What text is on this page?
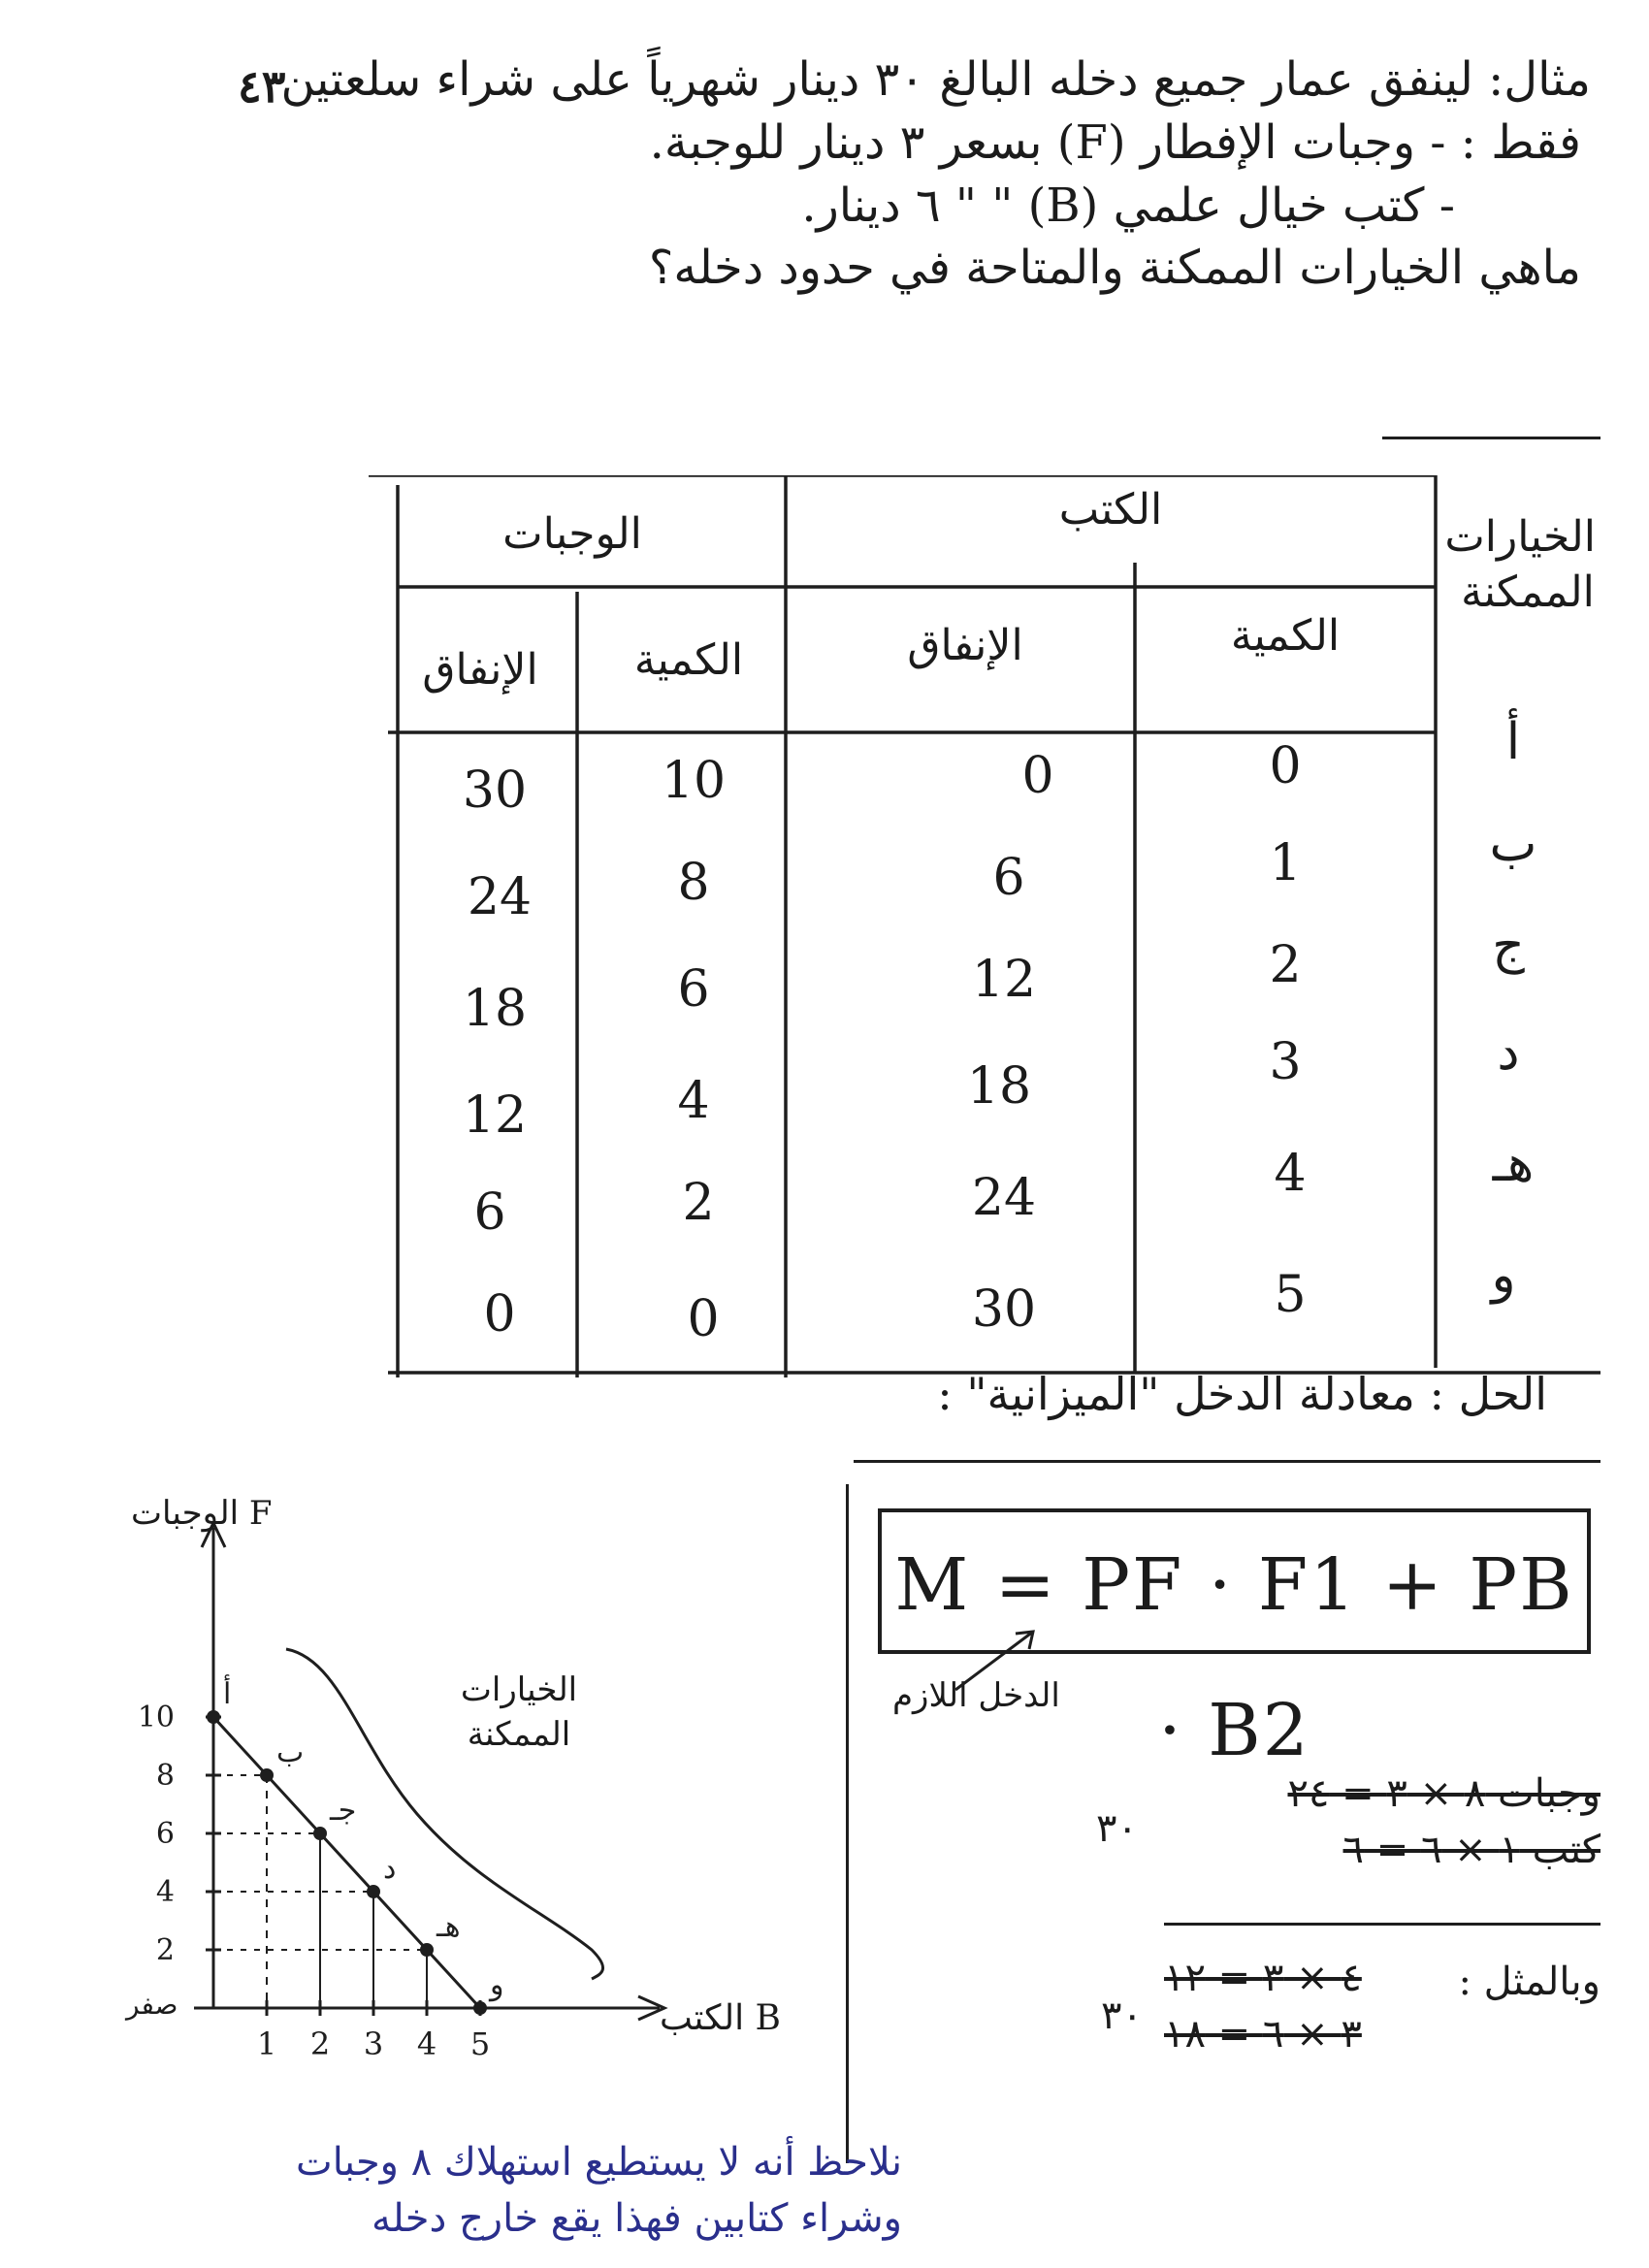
٤٣
مثال: لينفق عمار جميع دخله البالغ ٣٠ دينار شهرياً على شراء سلعتين
فقط : - وجبات الإفطار (F) بسعر ٣ دينار للوجبة.
- كتب خيال علمي (B) " " ٦ دينار.
ماهي الخيارات الممكنة والمتاحة في حدود دخله؟
الوجبات	الكتب
الخيارات الممكنة
الإنفاق الكمية	الإنفاق	الكمية
30	10	0	0	أ
24	8	6	1	ب
18	6	12	2	ج
12	4	18	3	د
6	2	24	4	هـ
0	0	30	5	و
الحل : معادلة الدخل "الميزانية" :
M = PF · F1 + PB · B2
الدخل اللازم
وجبات ٨ × ٣ = ٢٤
كتب ١ × ٦ = ٦
٣٠
وبالمثل :
٤ × ٣ = ١٢
٣ × ٦ = ١٨
٣٠
أ
ب
جـ
د
هـ
و
10
8
6
4
2
1 2 3 4 5
F الوجبات
B الكتب
الخيارات الممكنة
صفر
نلاحظ أنه لا يستطيع استهلاك ٨ وجبات
وشراء كتابين فهذا يقع خارج دخله
